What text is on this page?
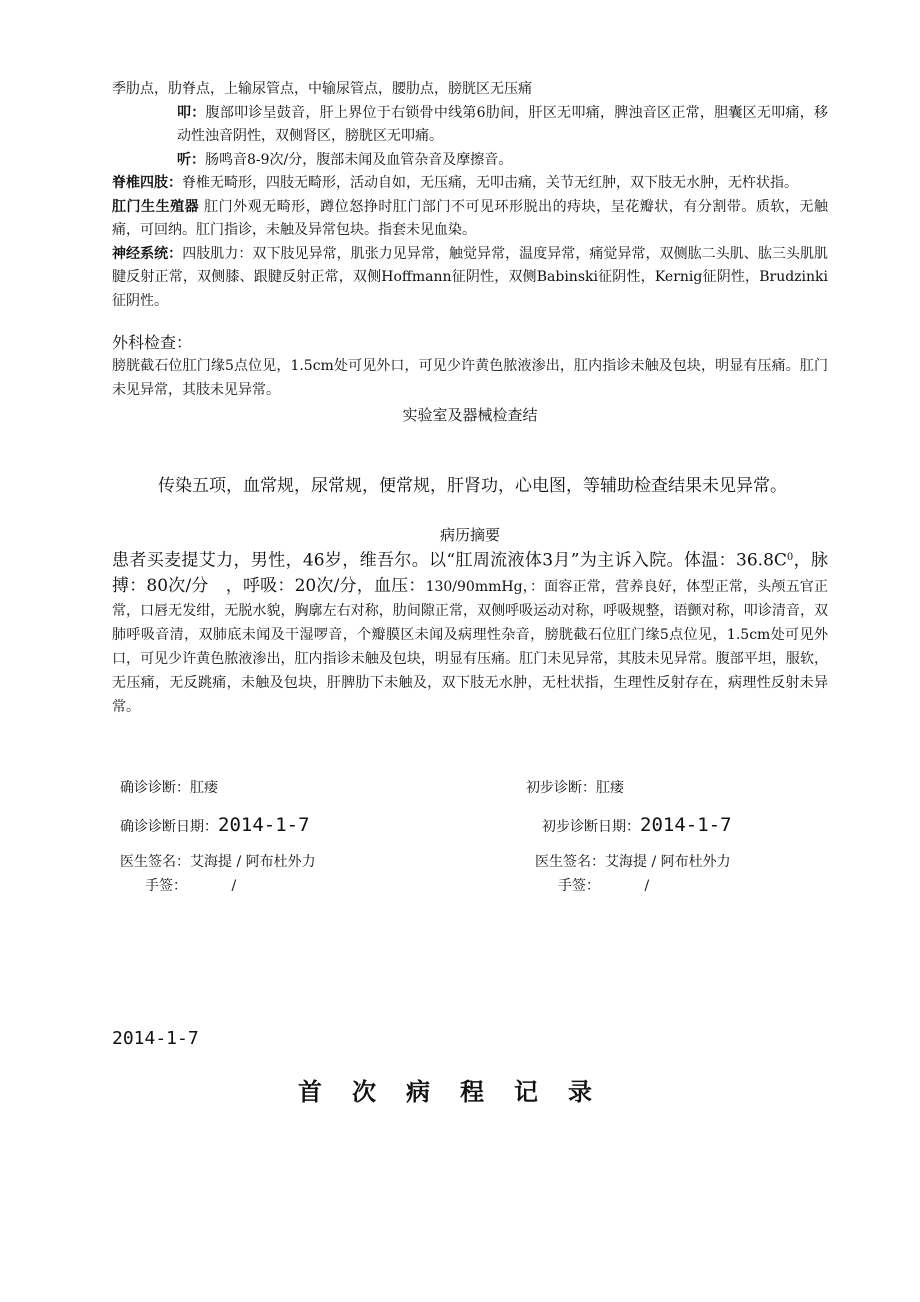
季肋点，肋脊点，上输尿管点，中输尿管点，腰肋点，膀胱区无压痛

叩：腹部叩诊呈鼓音，肝上界位于右锁骨中线第6肋间，肝区无叩痛，脾浊音区正常，胆囊区无叩痛，移动性浊音阴性，双侧肾区，膀胱区无叩痛。

听：肠鸣音8-9次/分，腹部未闻及血管杂音及摩擦音。

脊椎四肢：脊椎无畸形，四肢无畸形，活动自如，无压痛，无叩击痛，关节无红肿，双下肢无水肿，无杵状指。

肛门生生殖器 肛门外观无畸形，蹲位怒挣时肛门部门不可见环形脱出的痔块，呈花瓣状，有分割带。质软，无触痛，可回纳。肛门指诊，未触及异常包块。指套未见血染。

神经系统：四肢肌力：双下肢见异常，肌张力见异常，触觉异常，温度异常，痛觉异常，双侧肱二头肌、肱三头肌肌腱反射正常，双侧膝、跟腱反射正常，双侧Hoffmann征阴性，双侧Babinski征阴性，Kernig征阴性，Brudzinki征阴性。

外科检查：

膀胱截石位肛门缘5点位见，1.5cm处可见外口，可见少许黄色脓液渗出，肛内指诊未触及包块，明显有压痛。肛门未见异常，其肢未见异常。

实验室及器械检查结

传染五项，血常规，尿常规，便常规，肝肾功，心电图，等辅助检查结果未见异常。

病历摘要

患者买麦提艾力，男性，46岁，维吾尔。以“肛周流液体3月”为主诉入院。体温：$36.8C^0$，脉搏：80次/分　，呼吸：20次/分，血压：130/90mmHg，：面容正常，营养良好，体型正常，头颅五官正常，口唇无发绀，无脱水貌，胸廓左右对称，肋间隙正常，双侧呼吸运动对称，呼吸规整，语颤对称，叩诊清音，双肺呼吸音清，双肺底未闻及干湿啰音，个瓣膜区未闻及病理性杂音，膀胱截石位肛门缘5点位见，1.5cm处可见外口，可见少许黄色脓液渗出，肛内指诊未触及包块，明显有压痛。肛门未见异常，其肢未见异常。腹部平坦，服软，无压痛，无反跳痛，未触及包块，肝脾肋下未触及，双下肢无水肿，无杜状指，生理性反射存在，病理性反射未异常。

确诊诊断：肛瘘	初步诊断：肛瘘
确诊诊断日期：2014-1-7	初步诊断日期：2014-1-7
医生签名：艾海提 / 阿布杜外力	医生签名：艾海提 / 阿布杜外力
手签：          /	手签：          /
2014-1-7
首次病程记录
